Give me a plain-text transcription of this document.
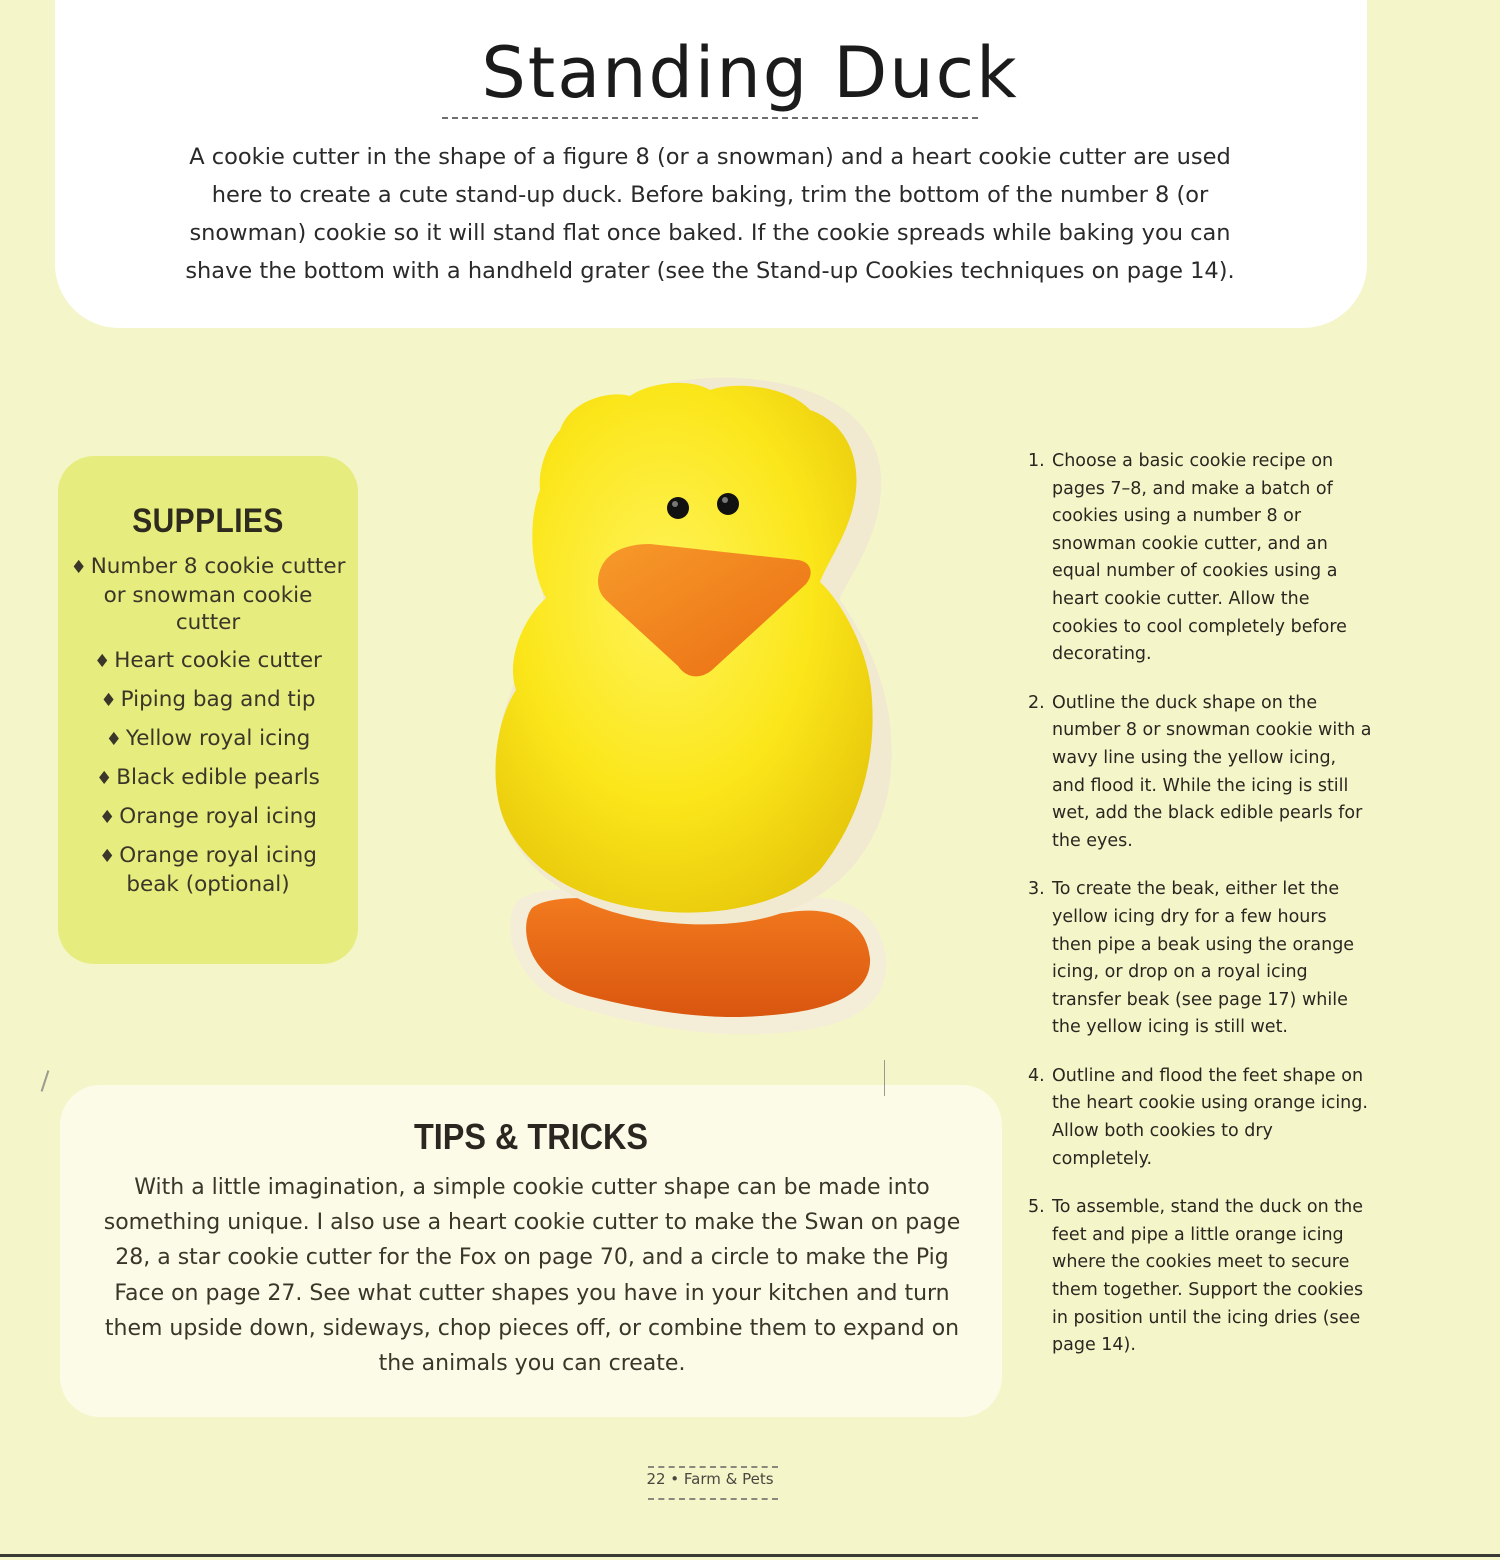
Standing Duck

A cookie cutter in the shape of a figure 8 (or a snowman) and a heart cookie cutter are used here to create a cute stand-up duck. Before baking, trim the bottom of the number 8 (or snowman) cookie so it will stand flat once baked. If the cookie spreads while baking you can shave the bottom with a handheld grater (see the Stand-up Cookies techniques on page 14).

SUPPLIES
♦ Number 8 cookie cutter or snowman cookie cutter
♦ Heart cookie cutter
♦ Piping bag and tip
♦ Yellow royal icing
♦ Black edible pearls
♦ Orange royal icing
♦ Orange royal icing beak (optional)
1. Choose a basic cookie recipe on pages 7–8, and make a batch of cookies using a number 8 or snowman cookie cutter, and an equal number of cookies using a heart cookie cutter. Allow the cookies to cool completely before decorating.
2. Outline the duck shape on the number 8 or snowman cookie with a wavy line using the yellow icing, and flood it. While the icing is still wet, add the black edible pearls for the eyes.
3. To create the beak, either let the yellow icing dry for a few hours then pipe a beak using the orange icing, or drop on a royal icing transfer beak (see page 17) while the yellow icing is still wet.
4. Outline and flood the feet shape on the heart cookie using orange icing. Allow both cookies to dry completely.
5. To assemble, stand the duck on the feet and pipe a little orange icing where the cookies meet to secure them together. Support the cookies in position until the icing dries (see page 14).
TIPS & TRICKS

With a little imagination, a simple cookie cutter shape can be made into something unique. I also use a heart cookie cutter to make the Swan on page 28, a star cookie cutter for the Fox on page 70, and a circle to make the Pig Face on page 27. See what cutter shapes you have in your kitchen and turn them upside down, sideways, chop pieces off, or combine them to expand on the animals you can create.

22 • Farm & Pets
